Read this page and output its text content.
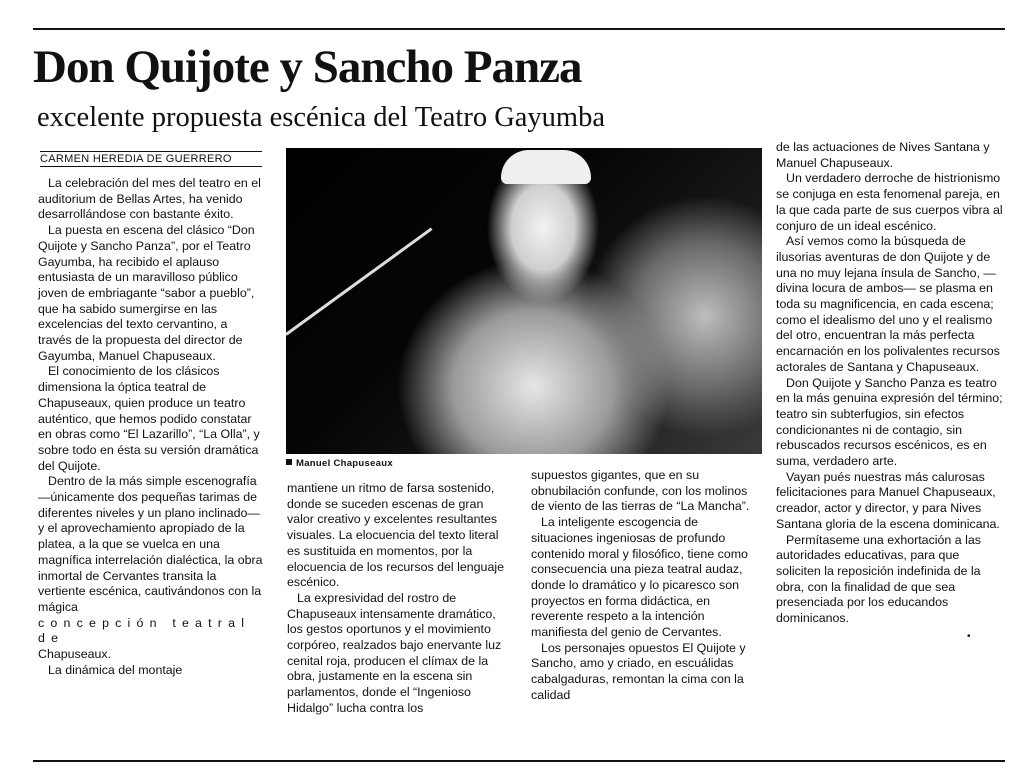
Don Quijote y Sancho Panza
excelente propuesta escénica del Teatro Gayumba
CARMEN HEREDIA DE GUERRERO

La celebración del mes del teatro en el auditorium de Bellas Artes, ha venido desarrollándose con bastante éxito.

La puesta en escena del clásico “Don Quijote y Sancho Panza”, por el Teatro Gayumba, ha recibido el aplauso entusiasta de un maravilloso público joven de embriagante “sabor a pueblo”, que ha sabido sumergirse en las excelencias del texto cervantino, a través de la propuesta del director de Gayumba, Manuel Chapuseaux.

El conocimiento de los clásicos dimensiona la óptica teatral de Chapuseaux, quien produce un teatro auténtico, que hemos podido constatar en obras como “El Lazarillo”, “La Olla”, y sobre todo en ésta su versión dramática del Quijote.

Dentro de la más simple escenografía —únicamente dos pequeñas tarimas de diferentes niveles y un plano inclinado— y el aprovechamiento apropiado de la platea, a la que se vuelca en una magnífica interrelación dialéctica, la obra inmortal de Cervantes transita la vertiente escénica, cautivándonos con la mágica

concepción teatral de

Chapuseaux.

La dinámica del montaje

Manuel Chapuseaux

mantiene un ritmo de farsa sostenido, donde se suceden escenas de gran valor creativo y excelentes resultantes visuales. La elocuencia del texto literal es sustituida en momentos, por la elocuencia de los recursos del lenguaje escénico.

La expresividad del rostro de Chapuseaux intensamente dramático, los gestos oportunos y el movimiento corpóreo, realzados bajo enervante luz cenital roja, producen el clímax de la obra, justamente en la escena sin parlamentos, donde el “Ingenioso Hidalgo” lucha contra los

supuestos gigantes, que en su obnubilación confunde, con los molinos de viento de las tierras de “La Mancha”.

La inteligente escogencia de situaciones ingeniosas de profundo contenido moral y filosófico, tiene como consecuencia una pieza teatral audaz, donde lo dramático y lo picaresco son proyectos en forma didáctica, en reverente respeto a la intención manifiesta del genio de Cervantes.

Los personajes opuestos El Quijote y Sancho, amo y criado, en escuálidas cabalgaduras, remontan la cima con la calidad

de las actuaciones de Nives Santana y Manuel Chapuseaux.

Un verdadero derroche de histrionismo se conjuga en esta fenomenal pareja, en la que cada parte de sus cuerpos vibra al conjuro de un ideal escénico.

Así vemos como la búsqueda de ilusorias aventuras de don Quijote y de una no muy lejana ínsula de Sancho, —divina locura de ambos— se plasma en toda su magnificencia, en cada escena; como el idealismo del uno y el realismo del otro, encuentran la más perfecta encarnación en los polivalentes recursos actorales de Santana y Chapuseaux.

Don Quijote y Sancho Panza es teatro en la más genuina expresión del término; teatro sin subterfugios, sin efectos condicionantes ni de contagio, sin rebuscados recursos escénicos, es en suma, verdadero arte.

Vayan pués nuestras más calurosas felicitaciones para Manuel Chapuseaux, creador, actor y director, y para Nives Santana gloria de la escena dominicana.

Permítaseme una exhortación a las autoridades educativas, para que soliciten la reposición indefinida de la obra, con la finalidad de que sea presenciada por los educandos dominicanos.

•
